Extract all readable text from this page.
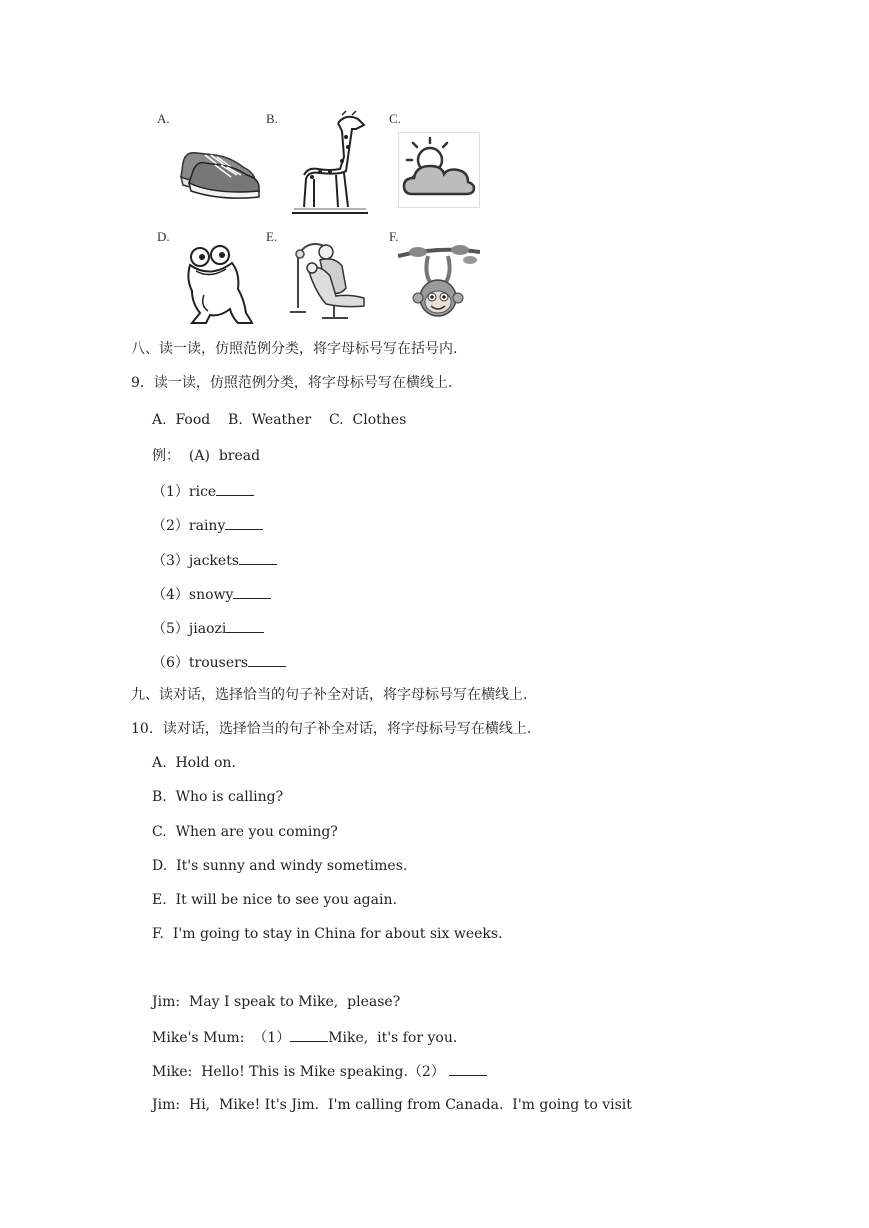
A.	B.	C.
D.	E.	F.
八、读一读，仿照范例分类，将字母标号写在括号内.
9．读一读，仿照范例分类，将字母标号写在横线上.
A.  Food    B.  Weather    C.  Clothes
例：  (A)  bread
（1）rice
（2）rainy
（3）jackets
（4）snowy
（5）jiaozi
（6）trousers
九、读对话，选择恰当的句子补全对话，将字母标号写在横线上.
10．读对话，选择恰当的句子补全对话，将字母标号写在横线上.
A.  Hold on.
B.  Who is calling?
C.  When are you coming?
D.  It's sunny and windy sometimes.
E.  It will be nice to see you again.
F.  I'm going to stay in China for about six weeks.
Jim:  May I speak to Mike,  please?
Mike's Mum:  （1）	Mike,  it's for you.
Mike:  Hello! This is Mike speaking.（2）
Jim:  Hi,  Mike! It's Jim.  I'm calling from Canada.  I'm going to visit
